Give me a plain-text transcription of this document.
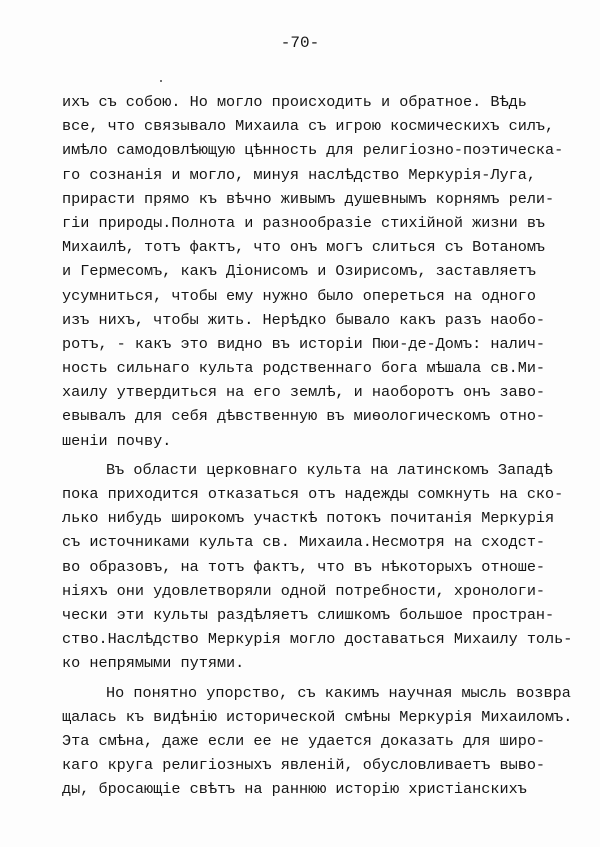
-70-
ихъ съ собою. Но могло происходить и обратное. Вѣдь
все, что связывало Михаила съ игрою космическихъ силъ,
имѣло самодовлѣющую цѣнность для религіозно-поэтическа-
го сознанія и могло, минуя наслѣдство Меркурія-Луга,
прирасти прямо къ вѣчно живымъ душевнымъ корнямъ рели-
гіи природы.Полнота и разнообразіе стихійной жизни въ
Михаилѣ, тотъ фактъ, что онъ могъ слиться съ Вотаномъ
и Гермесомъ, какъ Діонисомъ и Озирисомъ, заставляетъ
усумниться, чтобы ему нужно было опереться на одного
изъ нихъ, чтобы жить. Нерѣдко бывало какъ разъ наобо-
ротъ, - какъ это видно въ исторіи Пюи-де-Домъ: налич-
ность сильнаго культа родственнаго бога мѣшала св.Ми-
хаилу утвердиться на его землѣ, и наоборотъ онъ заво-
евывалъ для себя дѣвственную въ миѳологическомъ отно-
шеніи почву.
Въ области церковнаго культа на латинскомъ Западѣ
пока приходится отказаться отъ надежды сомкнуть на ско-
лько нибудь широкомъ участкѣ потокъ почитанія Меркурія
съ источниками культа св. Михаила.Несмотря на сходст-
во образовъ, на тотъ фактъ, что въ нѣкоторыхъ отноше-
ніяхъ они удовлетворяли одной потребности, хронологи-
чески эти культы раздѣляетъ слишкомъ большое простран-
ство.Наслѣдство Меркурія могло доставаться Михаилу толь-
ко непрямыми путями.
Но понятно упорство, съ какимъ научная мысль возвра
щалась къ видѣнію исторической смѣны Меркурія Михаиломъ.
Эта смѣна, даже если ее не удается доказать для широ-
каго круга религіозныхъ явленій, обусловливаетъ выво-
ды, бросающіе свѣтъ на раннюю исторію христіанскихъ
